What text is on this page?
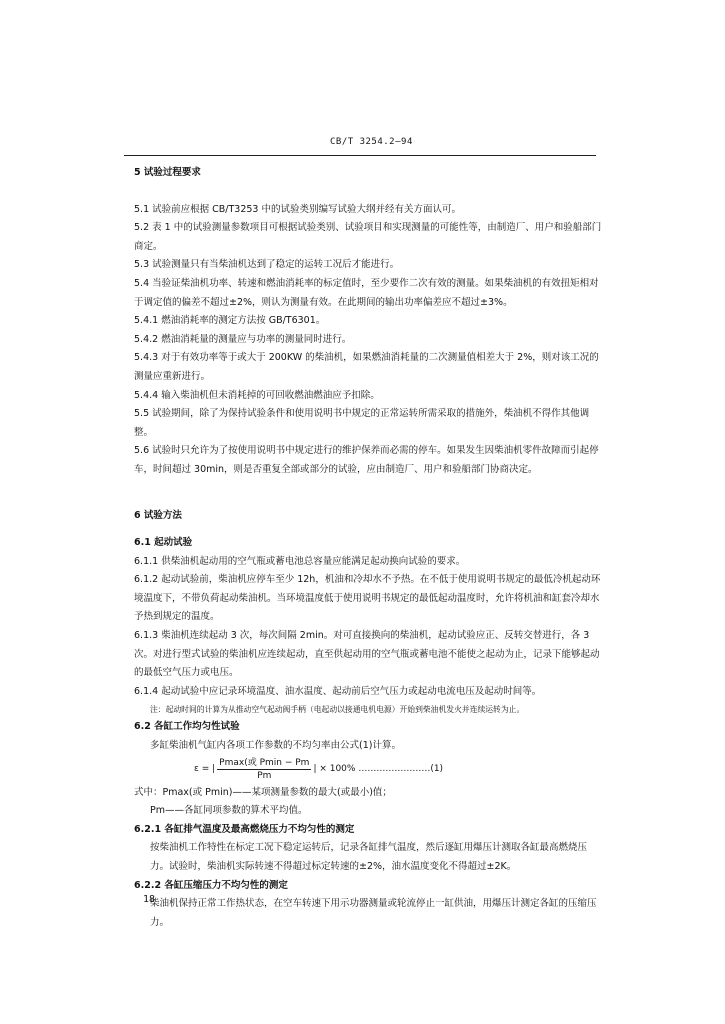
CB/T 3254.2—94

5 试验过程要求

5.1 试验前应根据 CB/T3253 中的试验类别编写试验大纲并经有关方面认可。

5.2 表 1 中的试验测量参数项目可根据试验类别、试验项目和实现测量的可能性等，由制造厂、用户和验船部门商定。

5.3 试验测量只有当柴油机达到了稳定的运转工况后才能进行。

5.4 当验证柴油机功率、转速和燃油消耗率的标定值时，至少要作二次有效的测量。如果柴油机的有效扭矩相对于调定值的偏差不超过±2%，则认为测量有效。在此期间的输出功率偏差应不超过±3%。

5.4.1 燃油消耗率的测定方法按 GB/T6301。

5.4.2 燃油消耗量的测量应与功率的测量同时进行。

5.4.3 对于有效功率等于或大于 200KW 的柴油机，如果燃油消耗量的二次测量值相差大于 2%，则对该工况的测量应重新进行。

5.4.4 输入柴油机但未消耗掉的可回收燃油燃油应予扣除。

5.5 试验期间，除了为保持试验条件和使用说明书中规定的正常运转所需采取的措施外，柴油机不得作其他调整。

5.6 试验时只允许为了按使用说明书中规定进行的维护保养而必需的停车。如果发生因柴油机零件故障而引起停车，时间超过 30min，则是否重复全部或部分的试验，应由制造厂、用户和验船部门协商决定。

6 试验方法

6.1 起动试验

6.1.1 供柴油机起动用的空气瓶或蓄电池总容量应能满足起动换向试验的要求。

6.1.2 起动试验前，柴油机应停车至少 12h，机油和冷却水不予热。在不低于使用说明书规定的最低冷机起动环境温度下，不带负荷起动柴油机。当环境温度低于使用说明书规定的最低起动温度时，允许将机油和缸套冷却水予热到规定的温度。

6.1.3 柴油机连续起动 3 次，每次间隔 2min。对可直接换向的柴油机，起动试验应正、反转交替进行，各 3 次。对进行型式试验的柴油机应连续起动，直至供起动用的空气瓶或蓄电池不能使之起动为止，记录下能够起动的最低空气压力或电压。

6.1.4 起动试验中应记录环境温度、油水温度、起动前后空气压力或起动电流电压及起动时间等。

注：起动时间的计算为从推动空气起动阀手柄（电起动以接通电机电源）开始到柴油机发火并连续运转为止。

6.2 各缸工作均匀性试验

多缸柴油机气缸内各项工作参数的不均匀率由公式(1)计算。

ε = | $\frac{\text{Pmax(或 Pmin − Pm}}{Pm}$ | × 100% ……………………(1)

式中：Pmax(或 Pmin)——某项测量参数的最大(或最小)值；

Pm——各缸同项参数的算术平均值。

6.2.1 各缸排气温度及最高燃烧压力不均匀性的测定

按柴油机工作特性在标定工况下稳定运转后，记录各缸排气温度，然后逐缸用爆压计测取各缸最高燃烧压力。试验时，柴油机实际转速不得超过标定转速的±2%，油水温度变化不得超过±2K。

6.2.2 各缸压缩压力不均匀性的测定

柴油机保持正常工作热状态，在空车转速下用示功器测量或轮流停止一缸供油，用爆压计测定各缸的压缩压力。

18
